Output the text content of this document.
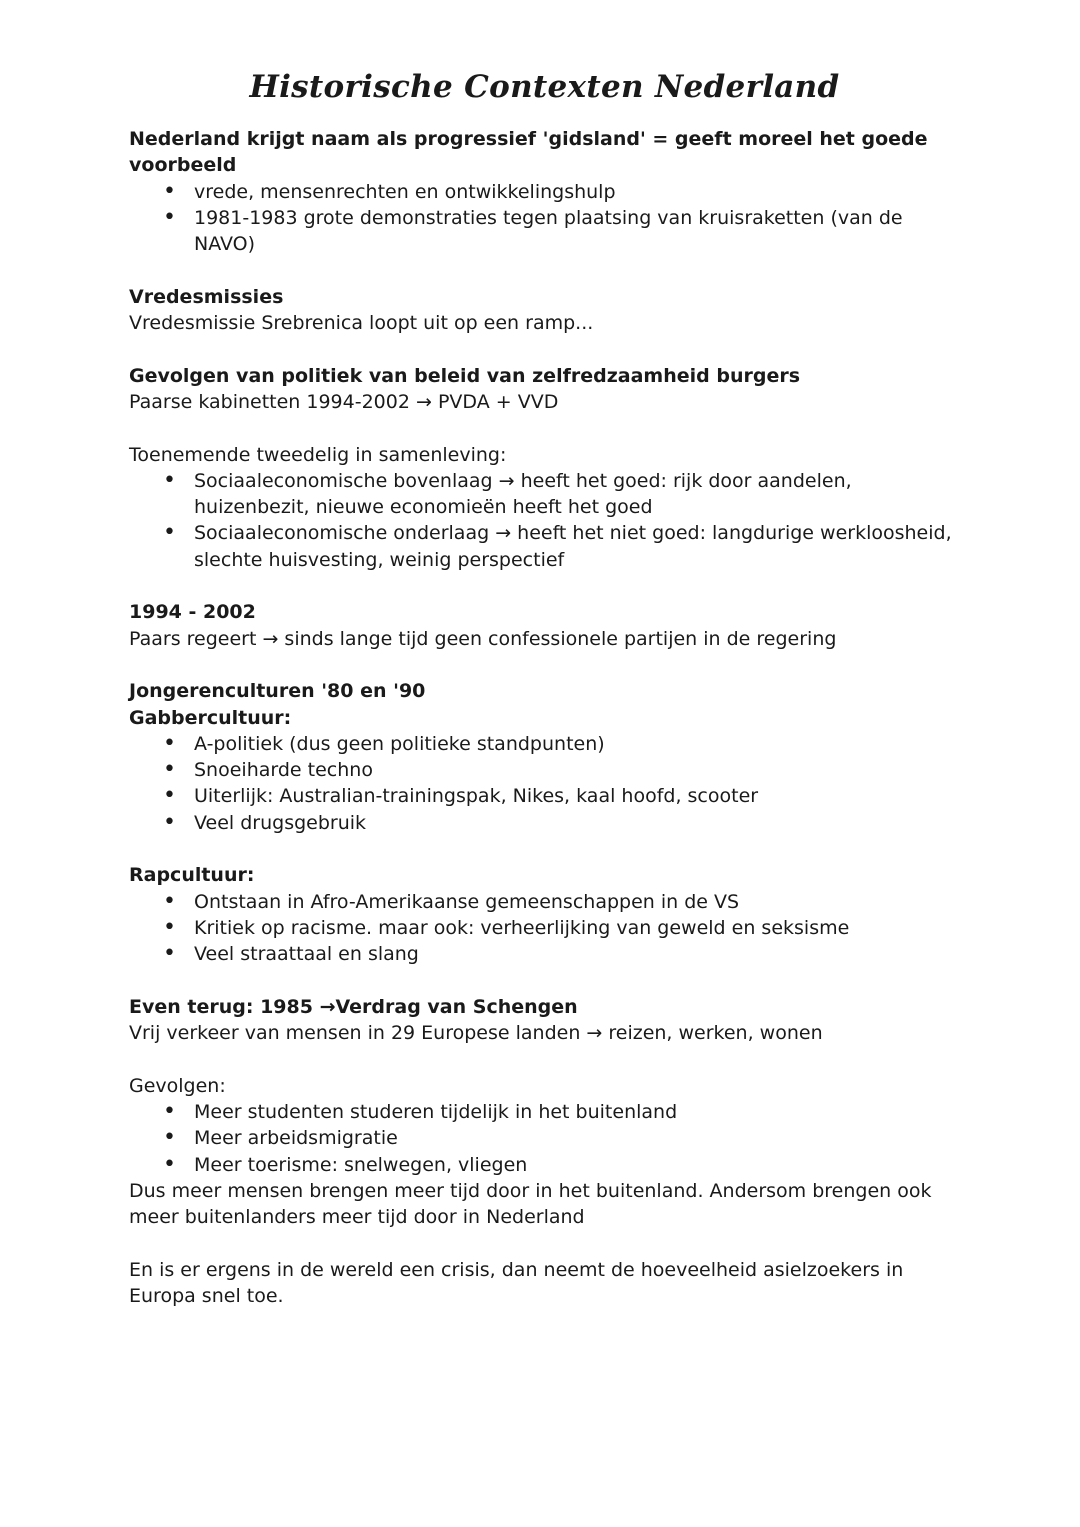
Historische Contexten Nederland

Nederland krijgt naam als progressief 'gidsland' = geeft moreel het goede voorbeeld

• vrede, mensenrechten en ontwikkelingshulp
• 1981-1983 grote demonstraties tegen plaatsing van kruisraketten (van de NAVO)

Vredesmissies

Vredesmissie Srebrenica loopt uit op een ramp...

Gevolgen van politiek van beleid van zelfredzaamheid burgers

Paarse kabinetten 1994-2002 → PVDA + VVD

Toenemende tweedelig in samenleving:

• Sociaaleconomische bovenlaag → heeft het goed: rijk door aandelen, huizenbezit, nieuwe economieën heeft het goed
• Sociaaleconomische onderlaag → heeft het niet goed: langdurige werkloosheid, slechte huisvesting, weinig perspectief

1994 - 2002

Paars regeert → sinds lange tijd geen confessionele partijen in de regering

Jongerenculturen '80 en '90

Gabbercultuur:

• A-politiek (dus geen politieke standpunten)
• Snoeiharde techno
• Uiterlijk: Australian-trainingspak, Nikes, kaal hoofd, scooter
• Veel drugsgebruik

Rapcultuur:

• Ontstaan in Afro-Amerikaanse gemeenschappen in de VS
• Kritiek op racisme. maar ook: verheerlijking van geweld en seksisme
• Veel straattaal en slang

Even terug: 1985 →Verdrag van Schengen

Vrij verkeer van mensen in 29 Europese landen → reizen, werken, wonen

Gevolgen:

• Meer studenten studeren tijdelijk in het buitenland
• Meer arbeidsmigratie
• Meer toerisme: snelwegen, vliegen

Dus meer mensen brengen meer tijd door in het buitenland. Andersom brengen ook meer buitenlanders meer tijd door in Nederland

En is er ergens in de wereld een crisis, dan neemt de hoeveelheid asielzoekers in Europa snel toe.
